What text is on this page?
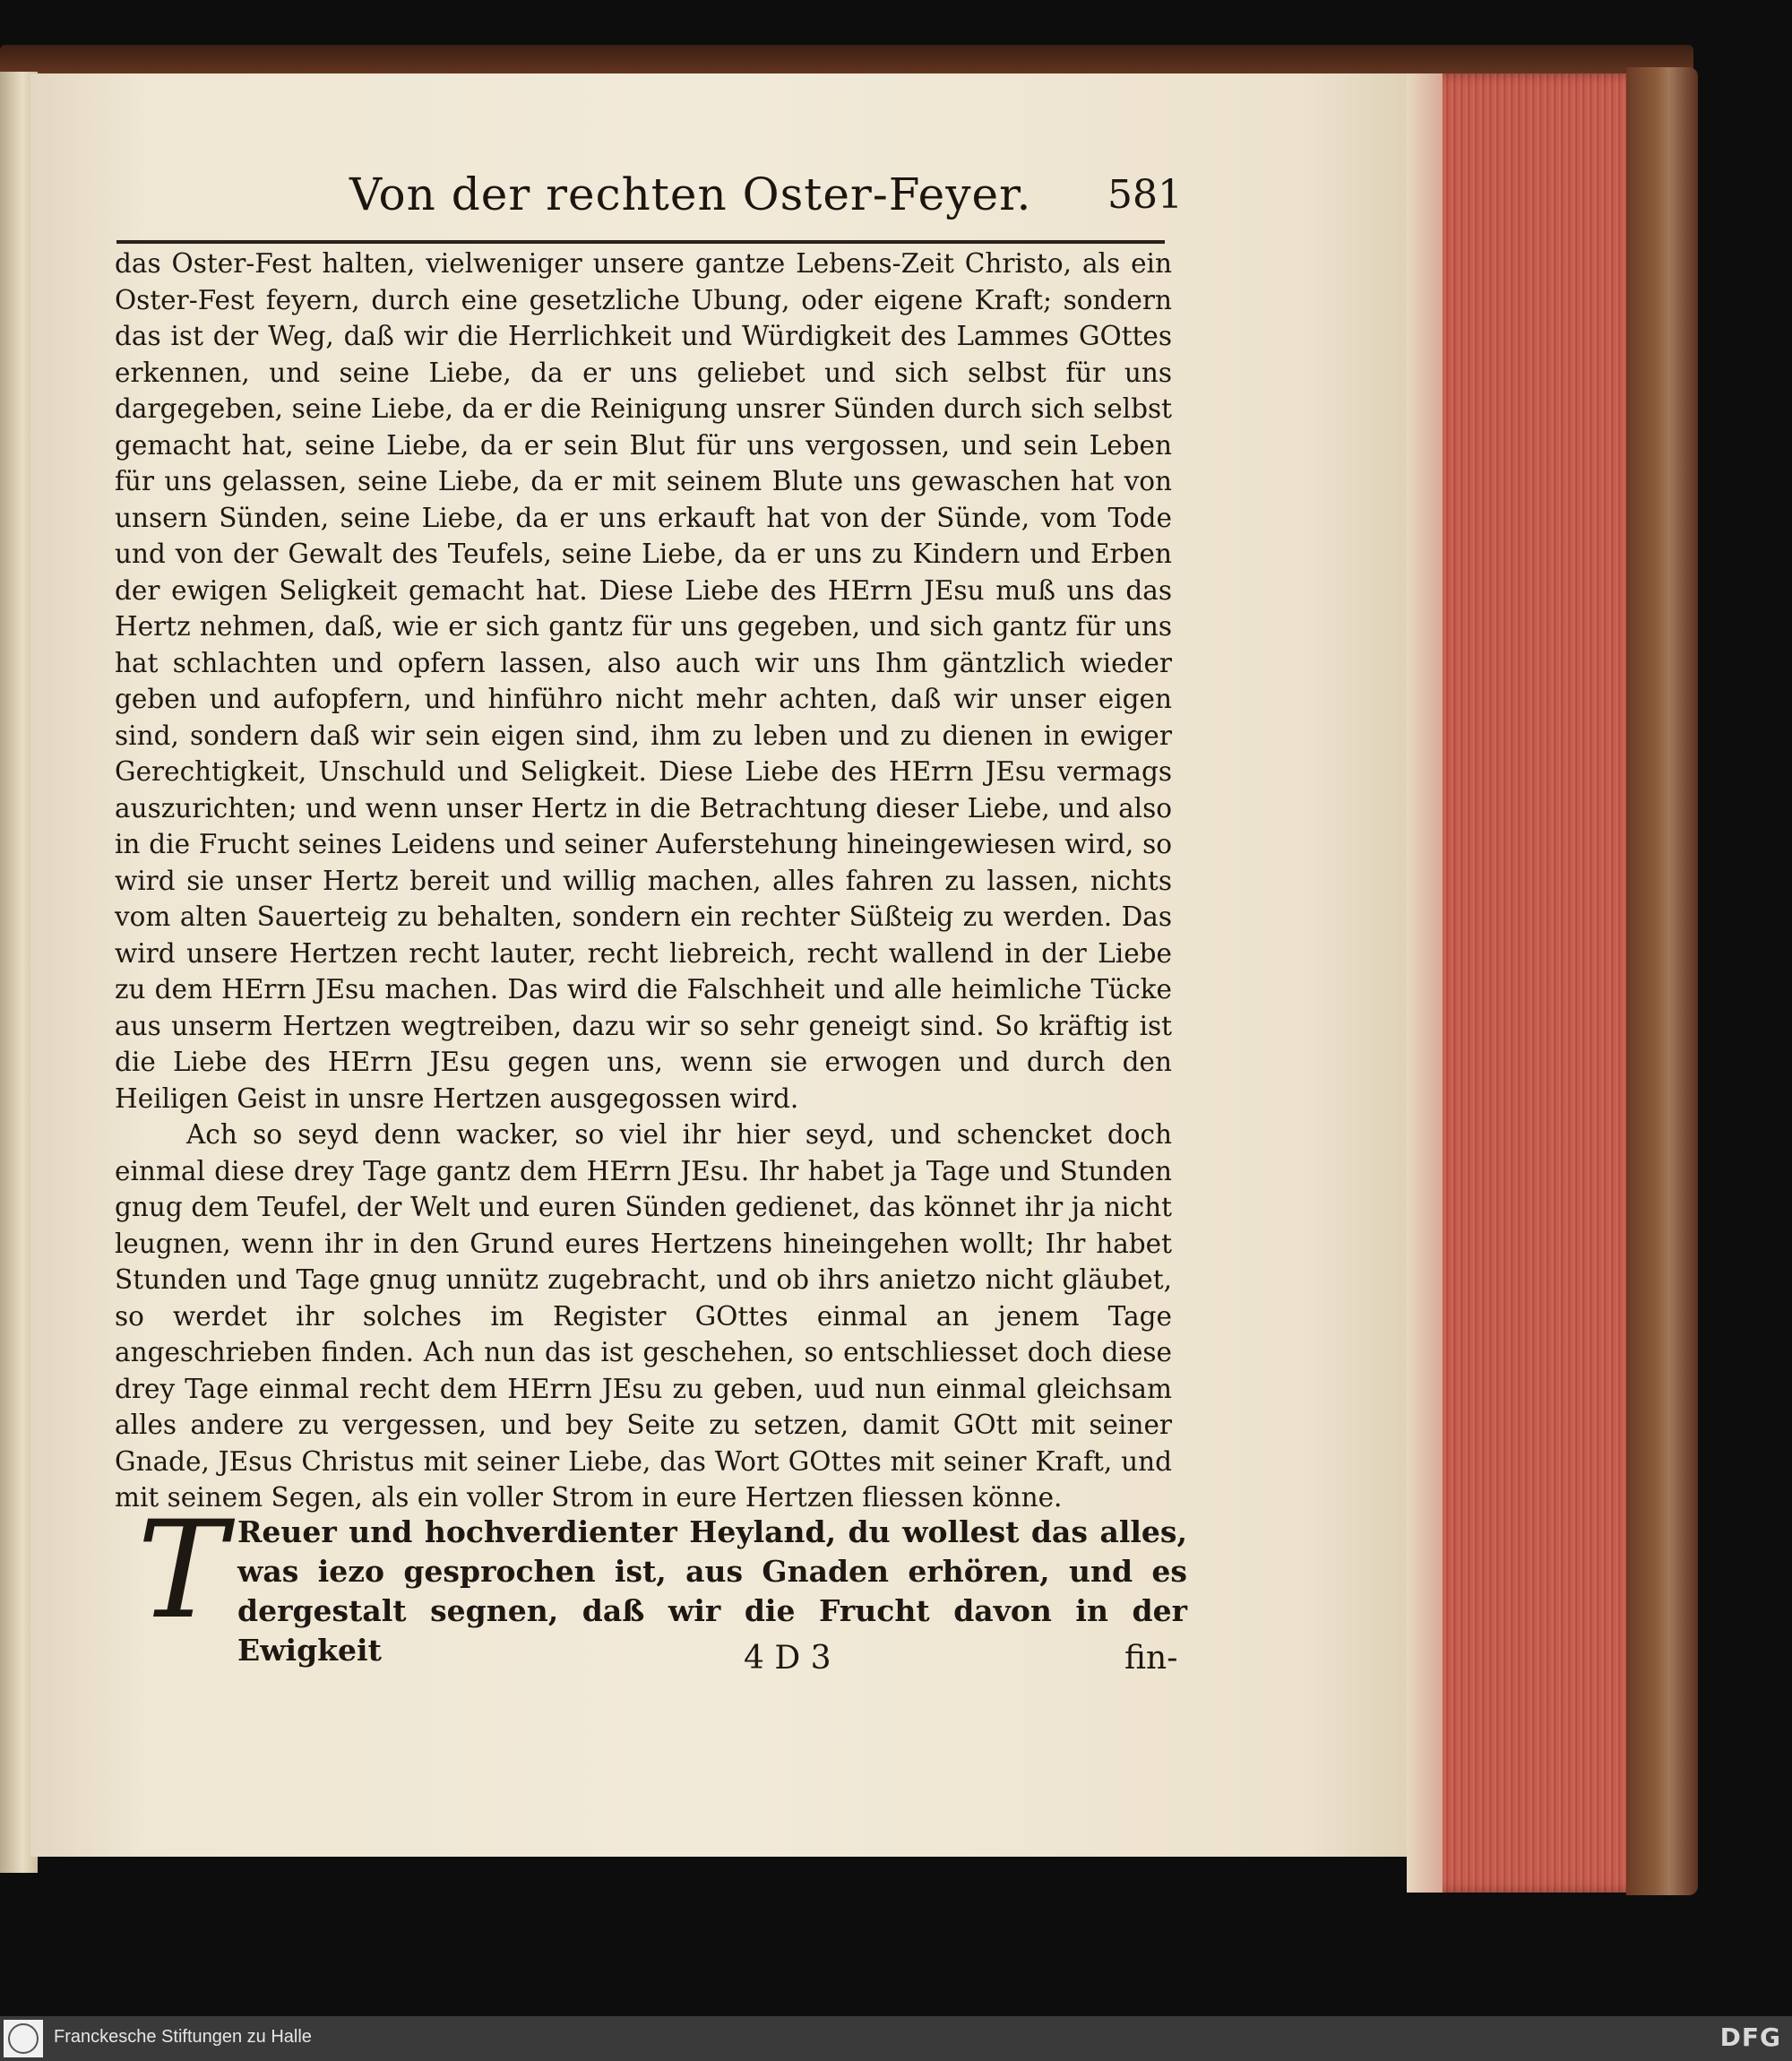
Von der rechten Oster-Feyer. 581

das Oster-Fest halten, vielweniger unsere gantze Lebens-Zeit Christo, als ein Oster-Fest feyern, durch eine gesetzliche Ubung, oder eigene Kraft; sondern das ist der Weg, daß wir die Herrlichkeit und Würdigkeit des Lammes GOttes erkennen, und seine Liebe, da er uns geliebet und sich selbst für uns dargegeben, seine Liebe, da er die Reinigung unsrer Sünden durch sich selbst gemacht hat, seine Liebe, da er sein Blut für uns vergossen, und sein Leben für uns gelassen, seine Liebe, da er mit seinem Blute uns gewaschen hat von unsern Sünden, seine Liebe, da er uns erkauft hat von der Sünde, vom Tode und von der Gewalt des Teufels, seine Liebe, da er uns zu Kindern und Erben der ewigen Seligkeit gemacht hat. Diese Liebe des HErrn JEsu muß uns das Hertz nehmen, daß, wie er sich gantz für uns gegeben, und sich gantz für uns hat schlachten und opfern lassen, also auch wir uns Ihm gäntzlich wieder geben und aufopfern, und hinführo nicht mehr achten, daß wir unser eigen sind, sondern daß wir sein eigen sind, ihm zu leben und zu dienen in ewiger Gerechtigkeit, Unschuld und Seligkeit. Diese Liebe des HErrn JEsu vermags auszurichten; und wenn unser Hertz in die Betrachtung dieser Liebe, und also in die Frucht seines Leidens und seiner Auferstehung hineingewiesen wird, so wird sie unser Hertz bereit und willig machen, alles fahren zu lassen, nichts vom alten Sauerteig zu behalten, sondern ein rechter Süßteig zu werden. Das wird unsere Hertzen recht lauter, recht liebreich, recht wallend in der Liebe zu dem HErrn JEsu machen. Das wird die Falschheit und alle heimliche Tücke aus unserm Hertzen wegtreiben, dazu wir so sehr geneigt sind. So kräftig ist die Liebe des HErrn JEsu gegen uns, wenn sie erwogen und durch den Heiligen Geist in unsre Hertzen ausgegossen wird.

Ach so seyd denn wacker, so viel ihr hier seyd, und schencket doch einmal diese drey Tage gantz dem HErrn JEsu. Ihr habet ja Tage und Stunden gnug dem Teufel, der Welt und euren Sünden gedienet, das könnet ihr ja nicht leugnen, wenn ihr in den Grund eures Hertzens hineingehen wollt; Ihr habet Stunden und Tage gnug unnütz zugebracht, und ob ihrs anietzo nicht gläubet, so werdet ihr solches im Register GOttes einmal an jenem Tage angeschrieben finden. Ach nun das ist geschehen, so entschliesset doch diese drey Tage einmal recht dem HErrn JEsu zu geben, uud nun einmal gleichsam alles andere zu vergessen, und bey Seite zu setzen, damit GOtt mit seiner Gnade, JEsus Christus mit seiner Liebe, das Wort GOttes mit seiner Kraft, und mit seinem Segen, als ein voller Strom in eure Hertzen fliessen könne.

T Reuer und hochverdienter Heyland, du wollest das alles, was iezo gesprochen ist, aus Gnaden erhören, und es dergestalt segnen, daß wir die Frucht davon in der Ewigkeit	4 D 3	fin-
Franckesche Stiftungen zu Halle	DFG
